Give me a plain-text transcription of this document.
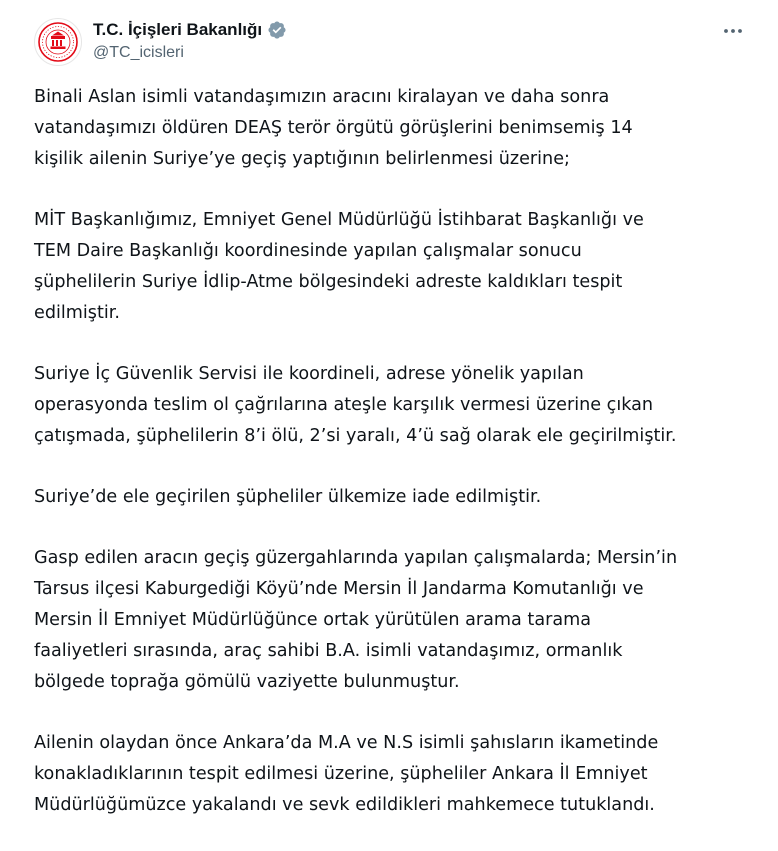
T.C. İçişleri Bakanlığı
@TC_icisleri

Binali Aslan isimli vatandaşımızın aracını kiralayan ve daha sonra
vatandaşımızı öldüren DEAŞ terör örgütü görüşlerini benimsemiş 14
kişilik ailenin Suriye’ye geçiş yaptığının belirlenmesi üzerine;

MİT Başkanlığımız, Emniyet Genel Müdürlüğü İstihbarat Başkanlığı ve
TEM Daire Başkanlığı koordinesinde yapılan çalışmalar sonucu
şüphelilerin Suriye İdlip-Atme bölgesindeki adreste kaldıkları tespit
edilmiştir.

Suriye İç Güvenlik Servisi ile koordineli, adrese yönelik yapılan
operasyonda teslim ol çağrılarına ateşle karşılık vermesi üzerine çıkan
çatışmada, şüphelilerin 8’i ölü, 2’si yaralı, 4’ü sağ olarak ele geçirilmiştir.

Suriye’de ele geçirilen şüpheliler ülkemize iade edilmiştir.

Gasp edilen aracın geçiş güzergahlarında yapılan çalışmalarda; Mersin’in
Tarsus ilçesi Kaburgediği Köyü’nde Mersin İl Jandarma Komutanlığı ve
Mersin İl Emniyet Müdürlüğünce ortak yürütülen arama tarama
faaliyetleri sırasında, araç sahibi B.A. isimli vatandaşımız, ormanlık
bölgede toprağa gömülü vaziyette bulunmuştur.

Ailenin olaydan önce Ankara’da M.A ve N.S isimli şahısların ikametinde
konakladıklarının tespit edilmesi üzerine, şüpheliler Ankara İl Emniyet
Müdürlüğümüzce yakalandı ve sevk edildikleri mahkemece tutuklandı.
